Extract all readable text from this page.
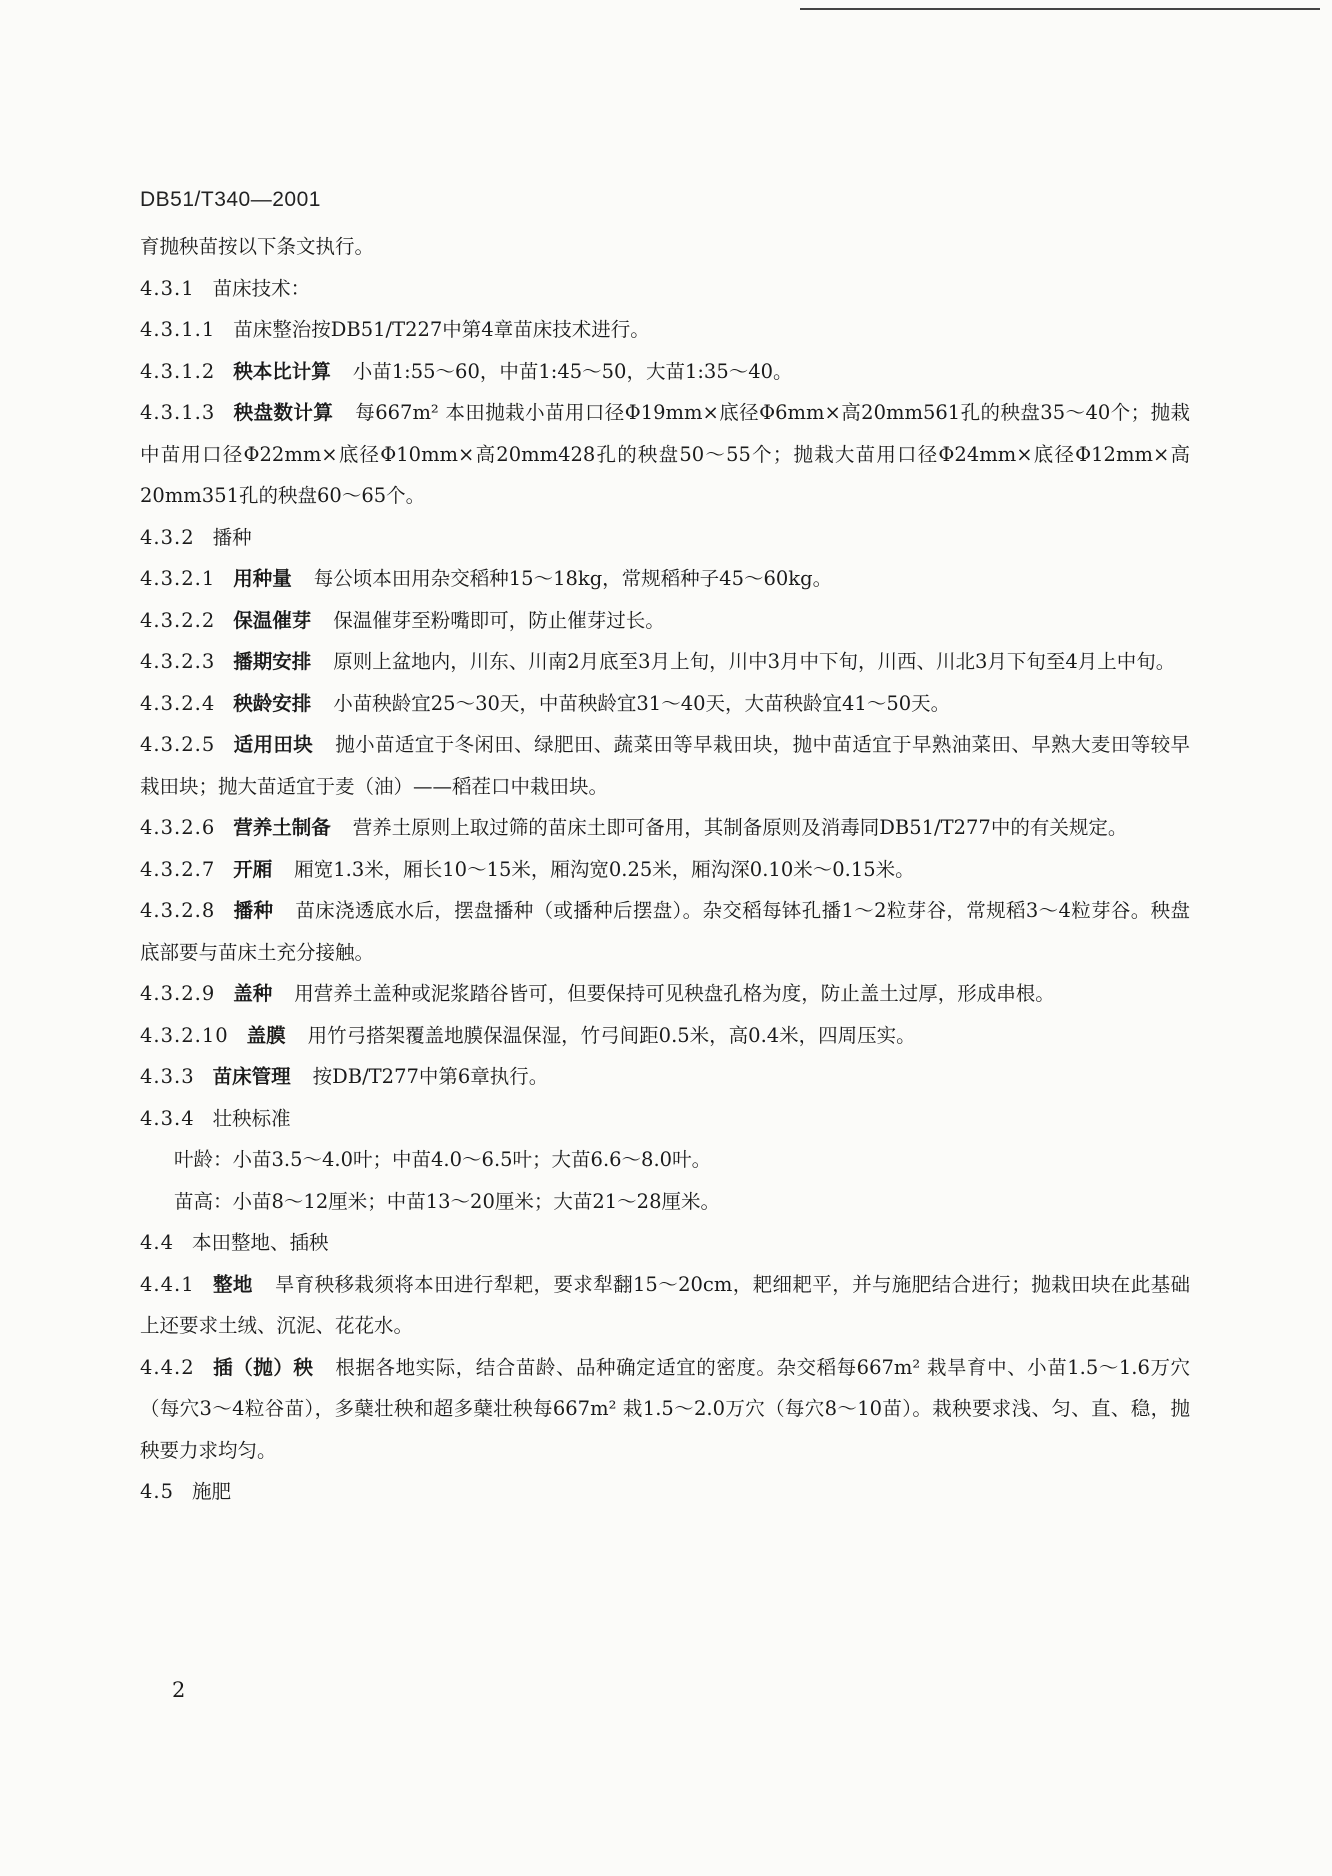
DB51/T340—2001

育抛秧苗按以下条文执行。

4.3.1 苗床技术：

4.3.1.1 苗床整治按DB51/T227中第4章苗床技术进行。

4.3.1.2 秧本比计算 小苗1:55～60，中苗1:45～50，大苗1:35～40。

4.3.1.3 秧盘数计算 每667m² 本田抛栽小苗用口径Φ19mm×底径Φ6mm×高20mm561孔的秧盘35～40个；抛栽中苗用口径Φ22mm×底径Φ10mm×高20mm428孔的秧盘50～55个；抛栽大苗用口径Φ24mm×底径Φ12mm×高20mm351孔的秧盘60～65个。

4.3.2 播种

4.3.2.1 用种量 每公顷本田用杂交稻种15～18kg，常规稻种子45～60kg。

4.3.2.2 保温催芽 保温催芽至粉嘴即可，防止催芽过长。

4.3.2.3 播期安排 原则上盆地内，川东、川南2月底至3月上旬，川中3月中下旬，川西、川北3月下旬至4月上中旬。

4.3.2.4 秧龄安排 小苗秧龄宜25～30天，中苗秧龄宜31～40天，大苗秧龄宜41～50天。

4.3.2.5 适用田块 抛小苗适宜于冬闲田、绿肥田、蔬菜田等早栽田块，抛中苗适宜于早熟油菜田、早熟大麦田等较早栽田块；抛大苗适宜于麦（油）——稻茬口中栽田块。

4.3.2.6 营养土制备 营养土原则上取过筛的苗床土即可备用，其制备原则及消毒同DB51/T277中的有关规定。

4.3.2.7 开厢 厢宽1.3米，厢长10～15米，厢沟宽0.25米，厢沟深0.10米～0.15米。

4.3.2.8 播种 苗床浇透底水后，摆盘播种（或播种后摆盘）。杂交稻每钵孔播1～2粒芽谷，常规稻3～4粒芽谷。秧盘底部要与苗床土充分接触。

4.3.2.9 盖种 用营养土盖种或泥浆踏谷皆可，但要保持可见秧盘孔格为度，防止盖土过厚，形成串根。

4.3.2.10 盖膜 用竹弓搭架覆盖地膜保温保湿，竹弓间距0.5米，高0.4米，四周压实。

4.3.3 苗床管理 按DB/T277中第6章执行。

4.3.4 壮秧标准

叶龄：小苗3.5～4.0叶；中苗4.0～6.5叶；大苗6.6～8.0叶。

苗高：小苗8～12厘米；中苗13～20厘米；大苗21～28厘米。

4.4 本田整地、插秧

4.4.1 整地 旱育秧移栽须将本田进行犁耙，要求犁翻15～20cm，耙细耙平，并与施肥结合进行；抛栽田块在此基础上还要求土绒、沉泥、花花水。

4.4.2 插（抛）秧 根据各地实际，结合苗龄、品种确定适宜的密度。杂交稻每667m² 栽旱育中、小苗1.5～1.6万穴（每穴3～4粒谷苗），多蘖壮秧和超多蘖壮秧每667m² 栽1.5～2.0万穴（每穴8～10苗）。栽秧要求浅、匀、直、稳，抛秧要力求均匀。

4.5 施肥

2
